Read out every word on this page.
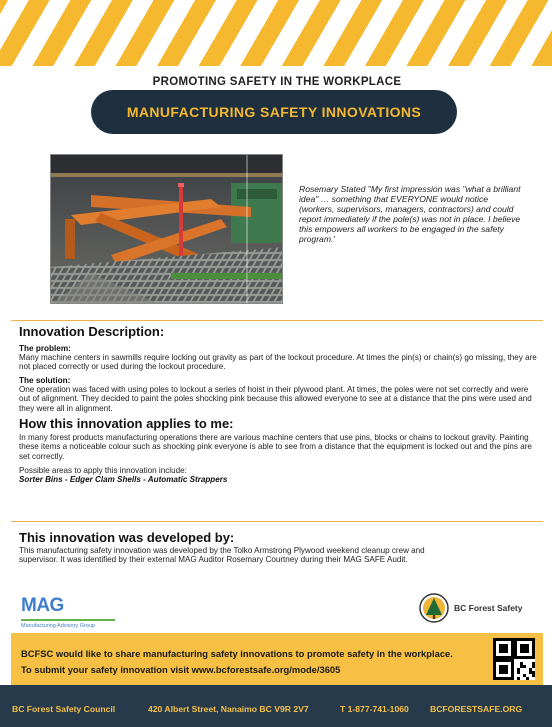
PROMOTING SAFETY IN THE WORKPLACE
MANUFACTURING SAFETY INNOVATIONS
Rosemary Stated "My first impression was "what a brilliant idea" … something that EVERYONE would notice (workers, supervisors, managers, contractors) and could report immediately if the pole(s) was not in place. I believe this empowers all workers to be engaged in the safety program.'
Innovation Description:
The problem:
Many machine centers in sawmills require locking out gravity as part of the lockout procedure. At times the pin(s) or chain(s) go missing, they are not placed correctly or used during the lockout procedure.
The solution:
One operation was faced with using poles to lockout a series of hoist in their plywood plant. At times, the poles were not set correctly and were out of alignment. They decided to paint the poles shocking pink because this allowed everyone to see at a distance that the pins were used and they were all in alignment.
How this innovation applies to me:
In many forest products manufacturing operations there are various machine centers that use pins, blocks or chains to lockout gravity. Painting these items a noticeable colour such as shocking pink everyone is able to see from a distance that the equipment is locked out and the pins are set correctly.
Possible areas to apply this innovation include:
Sorter Bins - Edger Clam Shells - Automatic Strappers
This innovation was developed by:
This manufacturing safety innovation was developed by the Tolko Armstrong Plywood weekend cleanup crew and supervisor. It was identified by their external MAG Auditor Rosemary Courtney during their MAG SAFE Audit.
MAG
Manufacturing Advisory Group
BC Forest Safety
BCFSC would like to share manufacturing safety innovations to promote safety in the workplace.
To submit your safety innovation visit www.bcforestsafe.org/mode/3605
BC Forest Safety Council	420 Albert Street, Nanaimo BC V9R 2V7	T 1-877-741-1060 BCFORESTSAFE.ORG
